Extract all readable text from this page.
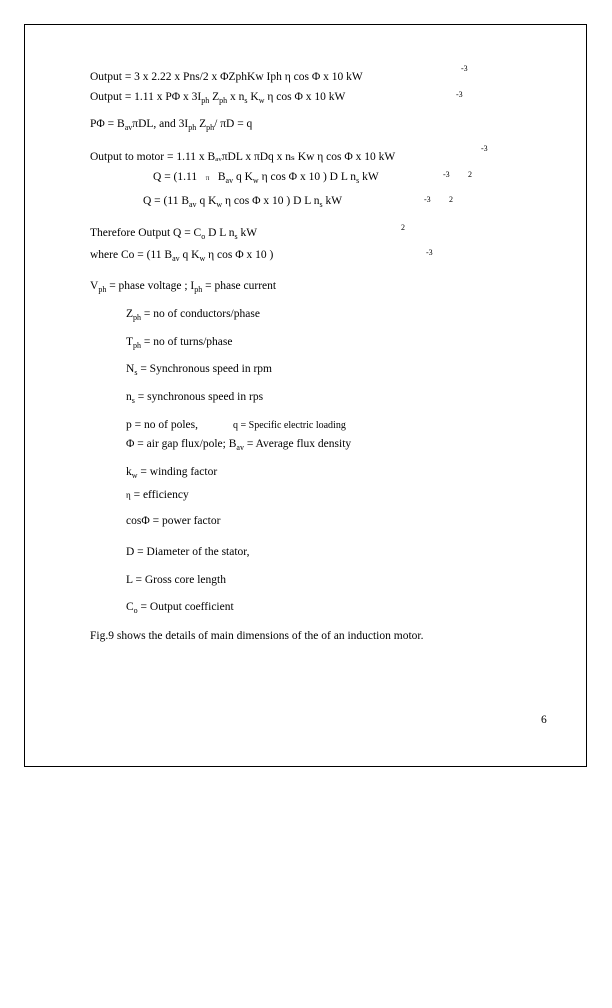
Output = 3 x 2.22 x Pns/2 x ΦZphKw Iph η cos Φ x 10 kW
-3
Output = 1.11 x PΦ x $3I_{ph}$ $Z_{ph}$ x $n_s$ $K_w$ η cos Φ x 10 kW	-3
$P\Phi = B_{av}\pi DL$, and $3I_{ph}$ $Z_{ph}/$ πD = q
Output to motor = 1.11 x BₐᵥπDL x πDq x nₛ Kw η cos Φ x 10 kW
-3
Q = (1.11 π $B_{av}$ q $K_w$ η cos Φ x 10 ) D L $n_s$ kW	-3 2
Q = (11 $B_{av}$ q $K_w$ η cos Φ x 10 ) D L $n_s$ kW	-3 2
Therefore Output $Q = C_o$ D L $n_s$ kW	2
where Co = (11 $B_{av}$ q $K_w$ η cos Φ x 10 )	-3
$V_{ph}$ = phase voltage ; $I_{ph}$ = phase current
$Z_{ph}$ = no of conductors/phase
$T_{ph}$ = no of turns/phase
$N_s$ = Synchronous speed in rpm
$n_s$ = synchronous speed in rps
p = no of poles,	q = Specific electric loading
Φ = air gap flux/pole; $B_{av}$ = Average flux density
$k_w$ = winding factor
η = efficiency
cosΦ = power factor
D = Diameter of the stator,
L = Gross core length
$C_o$ = Output coefficient
Fig.9 shows the details of main dimensions of the of an induction motor.
6
